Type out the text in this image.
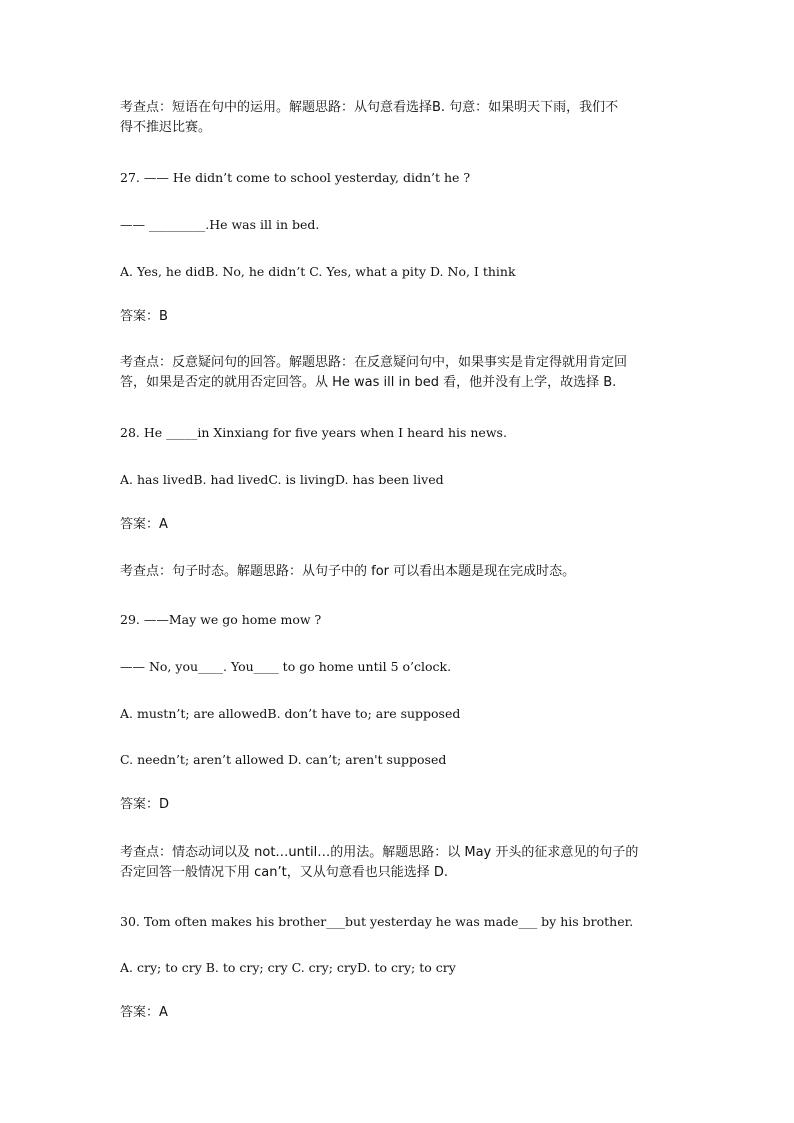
考查点：短语在句中的运用。解题思路：从句意看选择B. 句意：如果明天下雨，我们不
得不推迟比赛。
27. —— He didn’t come to school yesterday, didn’t he ?
—— _________.He was ill in bed.
A. Yes, he didB. No, he didn’t C. Yes, what a pity D. No, I think
答案：B
考查点：反意疑问句的回答。解题思路：在反意疑问句中，如果事实是肯定得就用肯定回
答，如果是否定的就用否定回答。从 He was ill in bed 看，他并没有上学，故选择 B.
28. He _____in Xinxiang for five years when I heard his news.
A. has livedB. had livedC. is livingD. has been lived
答案：A
考查点：句子时态。解题思路：从句子中的 for 可以看出本题是现在完成时态。
29. ——May we go home mow ?
—— No, you____. You____ to go home until 5 o’clock.
A. mustn’t; are allowedB. don’t have to; are supposed
C. needn’t; aren’t allowed D. can’t; aren't supposed
答案：D
考查点：情态动词以及 not…until…的用法。解题思路：以 May 开头的征求意见的句子的
否定回答一般情况下用 can’t，又从句意看也只能选择 D.
30. Tom often makes his brother___but yesterday he was made___ by his brother.
A. cry; to cry B. to cry; cry C. cry; cryD. to cry; to cry
答案：A
